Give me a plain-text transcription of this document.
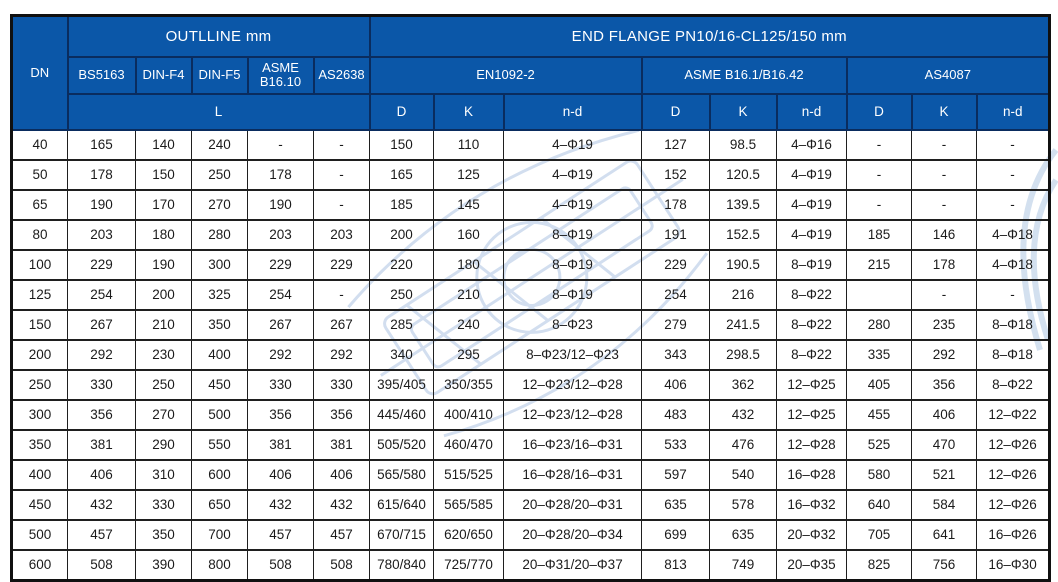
DN	OUTLLINE mm					END FLANGE PN10/16-CL125/150 mm								
	BS5163	DIN-F4	DIN-F5	ASME B16.10	AS2638	EN1092-2			ASME B16.1/B16.42			AS4087		
	L					D	K	n-d	D	K	n-d	D	K	n-d
40	165	140	240	-	-	150	110	4–Φ19	127	98.5	4–Φ16	-	-	-
50	178	150	250	178	-	165	125	4–Φ19	152	120.5	4–Φ19	-	-	-
65	190	170	270	190	-	185	145	4–Φ19	178	139.5	4–Φ19	-	-	-
80	203	180	280	203	203	200	160	8–Φ19	191	152.5	4–Φ19	185	146	4–Φ18
100	229	190	300	229	229	220	180	8–Φ19	229	190.5	8–Φ19	215	178	4–Φ18
125	254	200	325	254	-	250	210	8–Φ19	254	216	8–Φ22		-	-
150	267	210	350	267	267	285	240	8–Φ23	279	241.5	8–Φ22	280	235	8–Φ18
200	292	230	400	292	292	340	295	8–Φ23/12–Φ23	343	298.5	8–Φ22	335	292	8–Φ18
250	330	250	450	330	330	395/405	350/355	12–Φ23/12–Φ28	406	362	12–Φ25	405	356	8–Φ22
300	356	270	500	356	356	445/460	400/410	12–Φ23/12–Φ28	483	432	12–Φ25	455	406	12–Φ22
350	381	290	550	381	381	505/520	460/470	16–Φ23/16–Φ31	533	476	12–Φ28	525	470	12–Φ26
400	406	310	600	406	406	565/580	515/525	16–Φ28/16–Φ31	597	540	16–Φ28	580	521	12–Φ26
450	432	330	650	432	432	615/640	565/585	20–Φ28/20–Φ31	635	578	16–Φ32	640	584	12–Φ26
500	457	350	700	457	457	670/715	620/650	20–Φ28/20–Φ34	699	635	20–Φ32	705	641	16–Φ26
600	508	390	800	508	508	780/840	725/770	20–Φ31/20–Φ37	813	749	20–Φ35	825	756	16–Φ30
